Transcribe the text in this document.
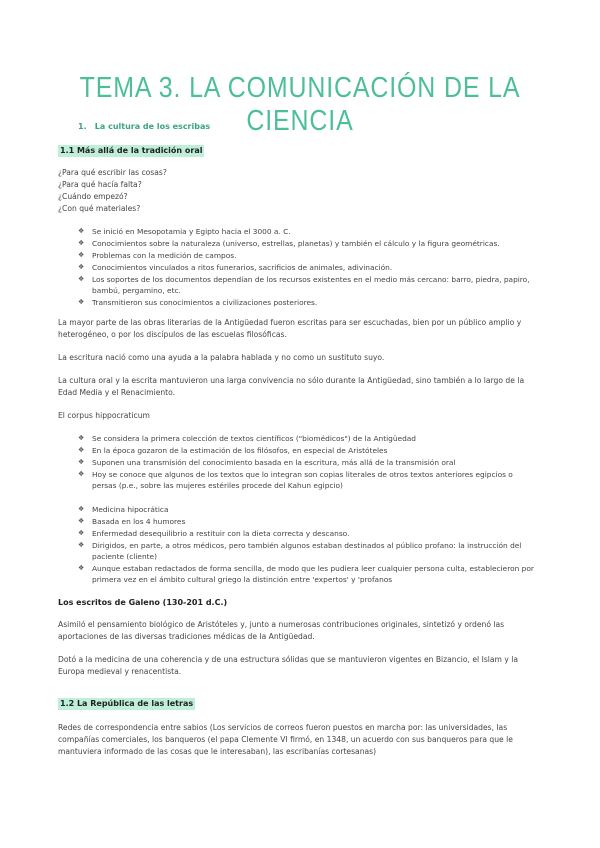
TEMA 3. LA COMUNICACIÓN DE LA CIENCIA
1. La cultura de los escribas
1.1 Más allá de la tradición oral
¿Para qué escribir las cosas?
¿Para qué hacía falta?
¿Cuándo empezó?
¿Con qué materiales?
❖ Se inició en Mesopotamia y Egipto hacia el 3000 a. C.
❖ Conocimientos sobre la naturaleza (universo, estrellas, planetas) y también el cálculo y la figura geométricas.
❖ Problemas con la medición de campos.
❖ Conocimientos vinculados a ritos funerarios, sacrificios de animales, adivinación.
❖ Los soportes de los documentos dependían de los recursos existentes en el medio más cercano: barro, piedra, papiro, bambú, pergamino, etc.
❖ Transmitieron sus conocimientos a civilizaciones posteriores.
La mayor parte de las obras literarias de la Antigüedad fueron escritas para ser escuchadas, bien por un público amplio y heterogéneo, o por los discípulos de las escuelas filosóficas.
La escritura nació como una ayuda a la palabra hablada y no como un sustituto suyo.
La cultura oral y la escrita mantuvieron una larga convivencia no sólo durante la Antigüedad, sino también a lo largo de la Edad Media y el Renacimiento.
El corpus hippocraticum
❖ Se considera la primera colección de textos científicos ("biomédicos") de la Antigüedad
❖ En la época gozaron de la estimación de los filósofos, en especial de Aristóteles
❖ Suponen una transmisión del conocimiento basada en la escritura, más allá de la transmisión oral
❖ Hoy se conoce que algunos de los textos que lo integran son copias literales de otros textos anteriores egipcios o persas (p.e., sobre las mujeres estériles procede del Kahun egipcio)
❖ Medicina hipocrática
❖ Basada en los 4 humores
❖ Enfermedad desequilibrio a restituir con la dieta correcta y descanso.
❖ Dirigidos, en parte, a otros médicos, pero también algunos estaban destinados al público profano: la instrucción del paciente (cliente)
❖ Aunque estaban redactados de forma sencilla, de modo que les pudiera leer cualquier persona culta, establecieron por primera vez en el ámbito cultural griego la distinción entre 'expertos' y 'profanos
Los escritos de Galeno (130-201 d.C.)
Asimiló el pensamiento biológico de Aristóteles y, junto a numerosas contribuciones originales, sintetizó y ordenó las aportaciones de las diversas tradiciones médicas de la Antigüedad.
Dotó a la medicina de una coherencia y de una estructura sólidas que se mantuvieron vigentes en Bizancio, el Islam y la Europa medieval y renacentista.
1.2 La República de las letras
Redes de correspondencia entre sabios (Los servicios de correos fueron puestos en marcha por: las universidades, las compañías comerciales, los banqueros (el papa Clemente VI firmó, en 1348, un acuerdo con sus banqueros para que le mantuviera informado de las cosas que le interesaban), las escribanías cortesanas)
